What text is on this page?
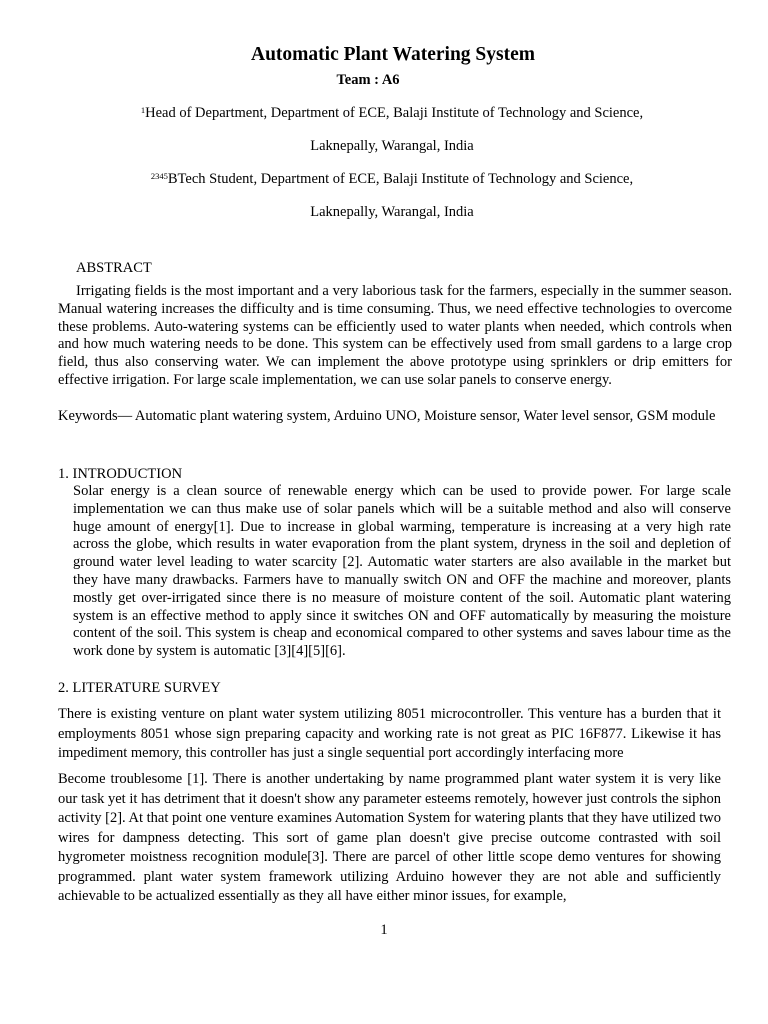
Automatic Plant Watering System
Team : A6
$^1$Head of Department, Department of ECE, Balaji Institute of Technology and Science,
Laknepally, Warangal, India
$^{2345}$BTech Student, Department of ECE, Balaji Institute of Technology and Science,
Laknepally, Warangal, India
ABSTRACT

Irrigating fields is the most important and a very laborious task for the farmers, especially in the summer season. Manual watering increases the difficulty and is time consuming. Thus, we need effective technologies to overcome these problems. Auto-watering systems can be efficiently used to water plants when needed, which controls when and how much watering needs to be done. This system can be effectively used from small gardens to a large crop field, thus also conserving water. We can implement the above prototype using sprinklers or drip emitters for effective irrigation. For large scale implementation, we can use solar panels to conserve energy.

Keywords— Automatic plant watering system, Arduino UNO, Moisture sensor, Water level sensor, GSM module

1. INTRODUCTION

Solar energy is a clean source of renewable energy which can be used to provide power. For large scale implementation we can thus make use of solar panels which will be a suitable method and also will conserve huge amount of energy[1]. Due to increase in global warming, temperature is increasing at a very high rate across the globe, which results in water evaporation from the plant system, dryness in the soil and depletion of ground water level leading to water scarcity [2]. Automatic water starters are also available in the market but they have many drawbacks. Farmers have to manually switch ON and OFF the machine and moreover, plants mostly get over-irrigated since there is no measure of moisture content of the soil. Automatic plant watering system is an effective method to apply since it switches ON and OFF automatically by measuring the moisture content of the soil. This system is cheap and economical compared to other systems and saves labour time as the work done by system is automatic [3][4][5][6].

2. LITERATURE SURVEY

There is existing venture on plant water system utilizing 8051 microcontroller. This venture has a burden that it employments 8051 whose sign preparing capacity and working rate is not great as PIC 16F877. Likewise it has impediment memory, this controller has just a single sequential port accordingly interfacing more

Become troublesome [1]. There is another undertaking by name programmed plant water system it is very like our task yet it has detriment that it doesn't show any parameter esteems remotely, however just controls the siphon activity [2]. At that point one venture examines Automation System for watering plants that they have utilized two wires for dampness detecting. This sort of game plan doesn't give precise outcome contrasted with soil hygrometer moistness recognition module[3]. There are parcel of other little scope demo ventures for showing programmed. plant water system framework utilizing Arduino however they are not able and sufficiently achievable to be actualized essentially as they all have either minor issues, for example,

1
